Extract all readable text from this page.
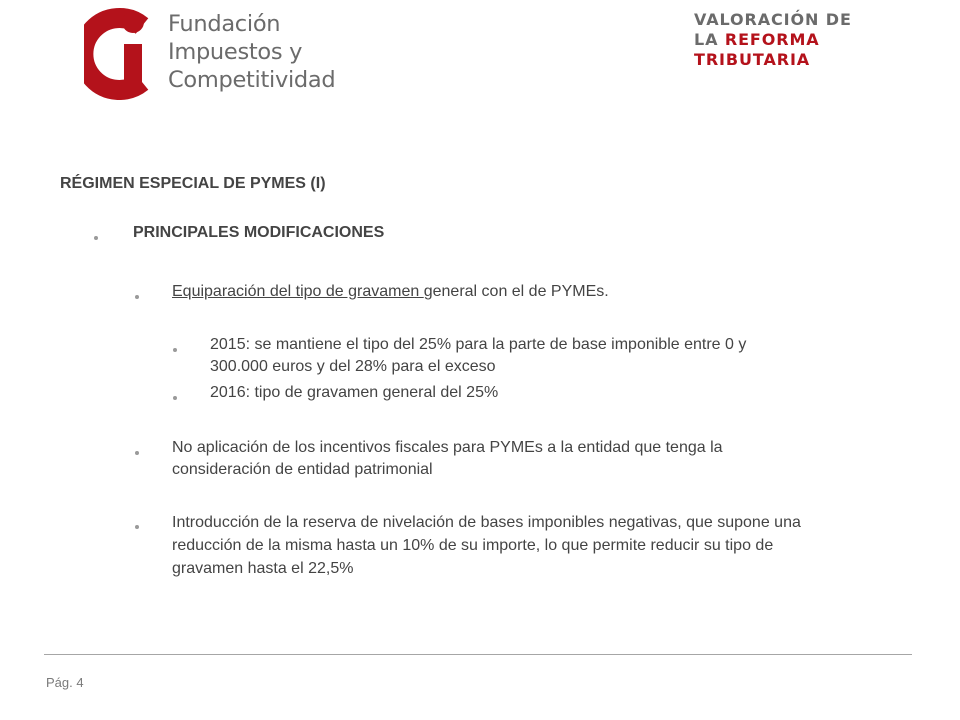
Fundación
Impuestos y
Competitividad
VALORACIÓN DE
LA REFORMA
TRIBUTARIA
RÉGIMEN ESPECIAL DE PYMES (I)
PRINCIPALES MODIFICACIONES
Equiparación del tipo de gravamen general con el de PYMEs.
2015: se mantiene el tipo del 25% para la parte de base imponible entre 0 y
300.000 euros y del 28% para el exceso
2016: tipo de gravamen general del 25%
No aplicación de los incentivos fiscales para PYMEs a la entidad que tenga la
consideración de entidad patrimonial
Introducción de la reserva de nivelación de bases imponibles negativas, que supone una
reducción de la misma hasta un 10% de su importe, lo que permite reducir su tipo de
gravamen hasta el 22,5%
Pág. 4
